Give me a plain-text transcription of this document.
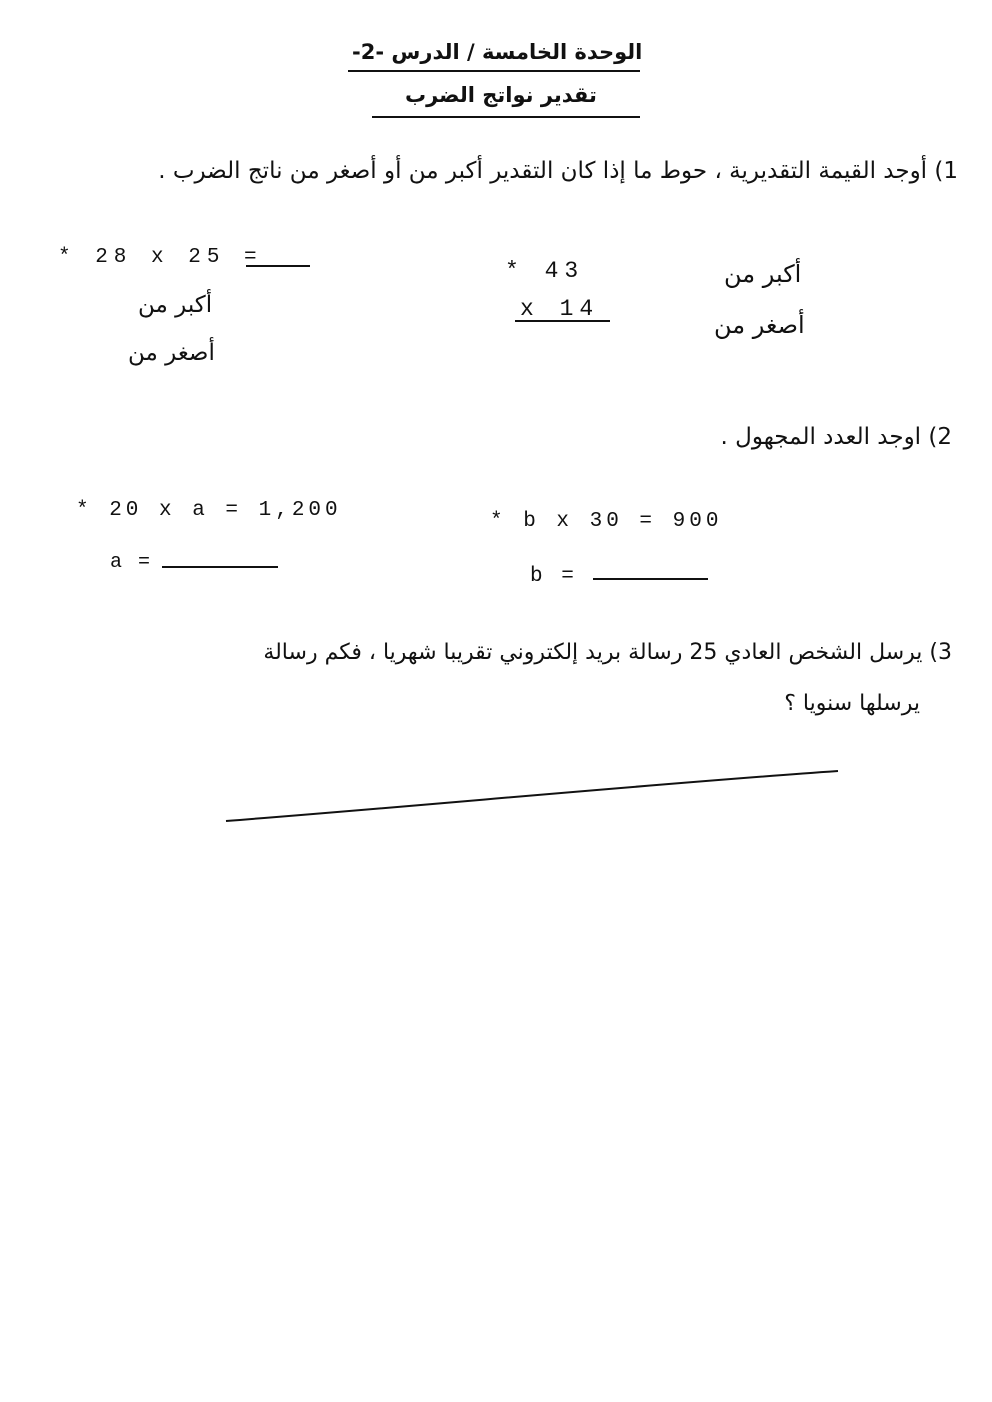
الوحدة الخامسة / الدرس -2-
تقدير نواتج الضرب
1) أوجد القيمة التقديرية ، حوط ما إذا كان التقدير أكبر من أو أصغر من ناتج الضرب .
* 28 x 25 =
أكبر من
أصغر من
* 43
x 14
أكبر من
أصغر من
2) اوجد العدد المجهول .
* 20 x a = 1,200
a =
* b x 30 = 900
b =
3) يرسل الشخص العادي 25 رسالة بريد إلكتروني تقريبا شهريا ، فكم رسالة
يرسلها سنويا ؟
